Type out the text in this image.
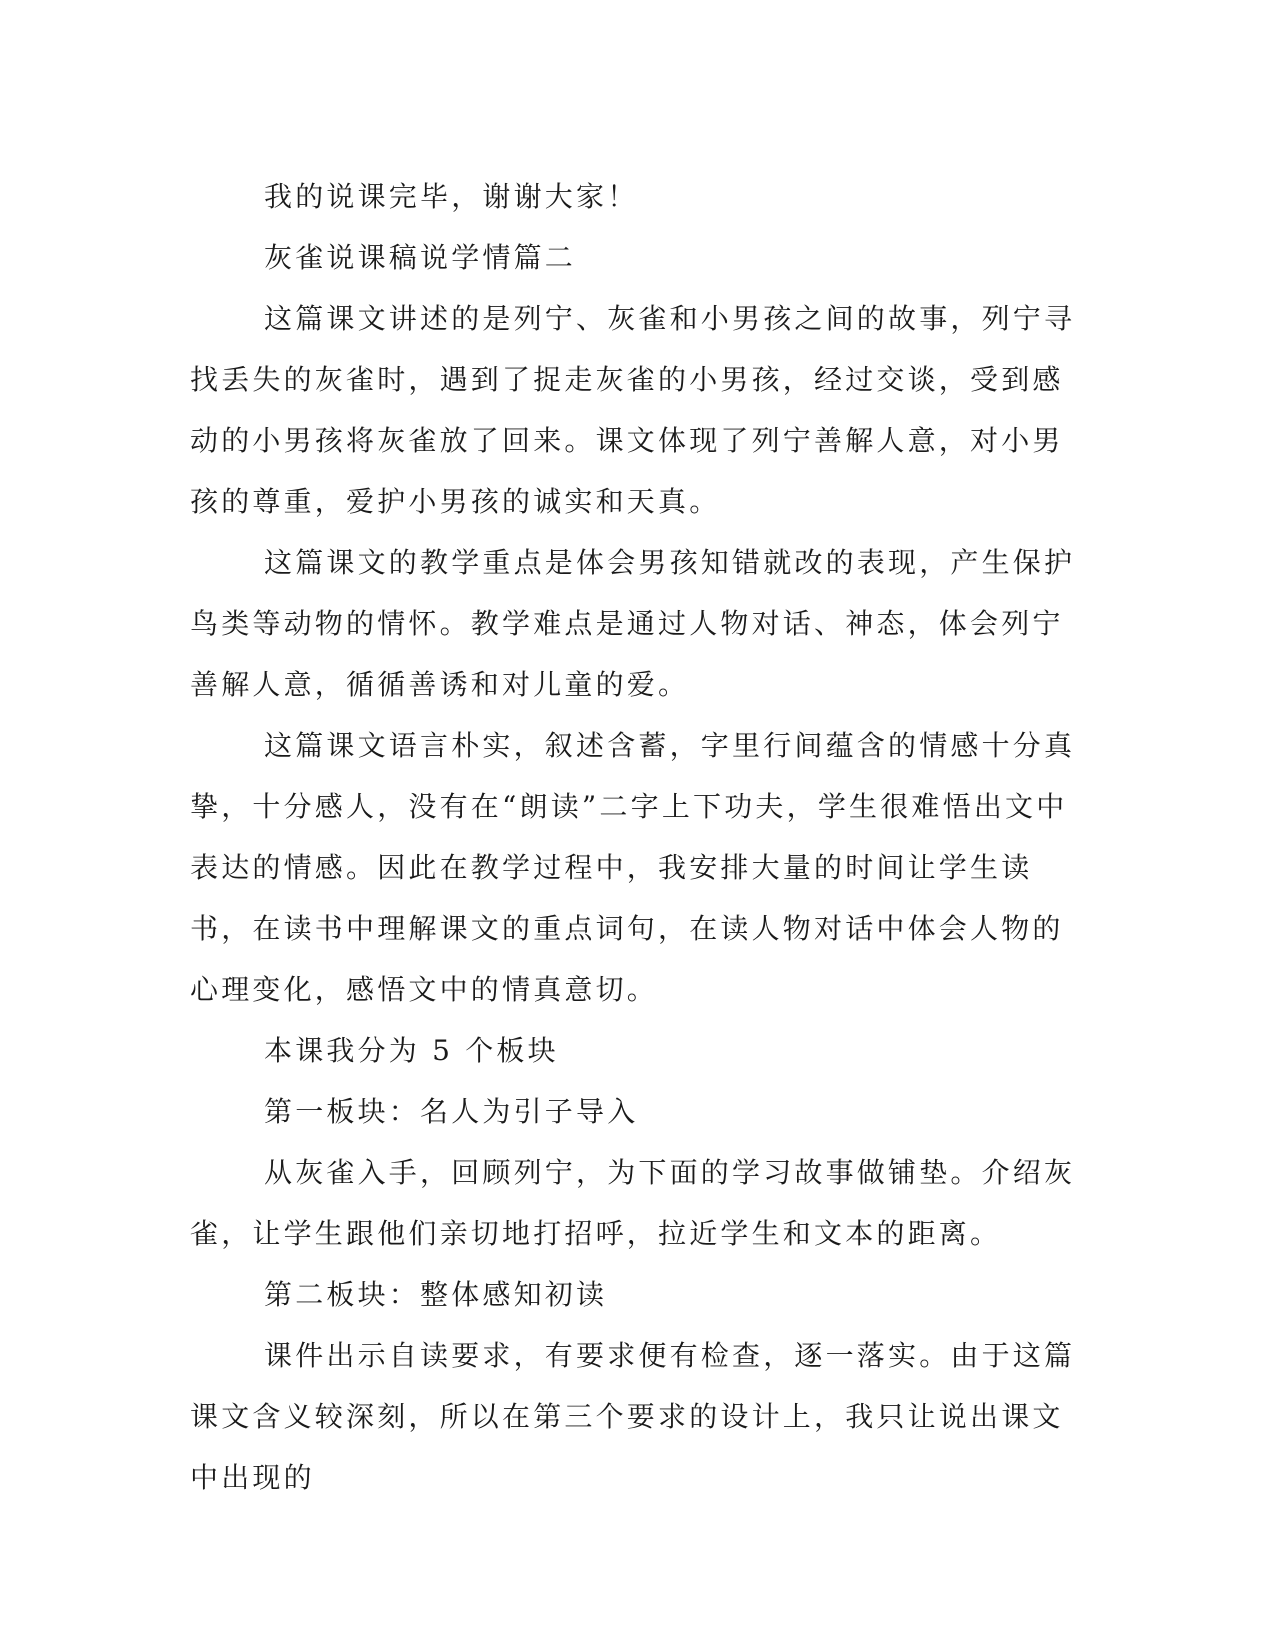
我的说课完毕，谢谢大家！

灰雀说课稿说学情篇二

这篇课文讲述的是列宁、灰雀和小男孩之间的故事，列宁寻找丢失的灰雀时，遇到了捉走灰雀的小男孩，经过交谈，受到感动的小男孩将灰雀放了回来。课文体现了列宁善解人意，对小男孩的尊重，爱护小男孩的诚实和天真。

这篇课文的教学重点是体会男孩知错就改的表现，产生保护鸟类等动物的情怀。教学难点是通过人物对话、神态，体会列宁善解人意，循循善诱和对儿童的爱。

这篇课文语言朴实，叙述含蓄，字里行间蕴含的情感十分真挚，十分感人，没有在“朗读”二字上下功夫，学生很难悟出文中表达的情感。因此在教学过程中，我安排大量的时间让学生读书，在读书中理解课文的重点词句，在读人物对话中体会人物的心理变化，感悟文中的情真意切。

本课我分为 5 个板块

第一板块：名人为引子导入

从灰雀入手，回顾列宁，为下面的学习故事做铺垫。介绍灰雀，让学生跟他们亲切地打招呼，拉近学生和文本的距离。

第二板块：整体感知初读

课件出示自读要求，有要求便有检查，逐一落实。由于这篇课文含义较深刻，所以在第三个要求的设计上，我只让说出课文中出现的
